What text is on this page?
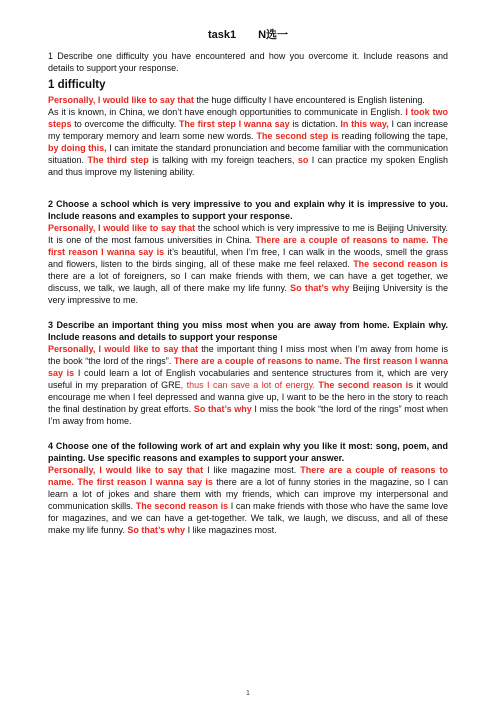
task1 N选一

1 Describe one difficulty you have encountered and how you overcome it. Include reasons and details to support your response.

1 difficulty

Personally, I would like to say that the huge difficulty I have encountered is English listening.

As it is known, in China, we don’t have enough opportunities to communicate in English. I took two steps to overcome the difficulty. The first step I wanna say is dictation. In this way, I can increase my temporary memory and learn some new words. The second step is reading following the tape, by doing this, I can imitate the standard pronunciation and become familiar with the communication situation. The third step is talking with my foreign teachers, so I can practice my spoken English and thus improve my listening ability.

2 Choose a school which is very impressive to you and explain why it is impressive to you. Include reasons and examples to support your response.

Personally, I would like to say that the school which is very impressive to me is Beijing University. It is one of the most famous universities in China. There are a couple of reasons to name. The first reason I wanna say is it’s beautiful, when I’m free, I can walk in the woods, smell the grass and flowers, listen to the birds singing, all of these make me feel relaxed. The second reason is there are a lot of foreigners, so I can make friends with them, we can have a get together, we discuss, we talk, we laugh, all of there make my life funny. So that’s why Beijing University is the very impressive to me.

3 Describe an important thing you miss most when you are away from home. Explain why. Include reasons and details to support your response

Personally, I would like to say that the important thing I miss most when I’m away from home is the book “the lord of the rings”. There are a couple of reasons to name. The first reason I wanna say is I could learn a lot of English vocabularies and sentence structures from it, which are very useful in my preparation of GRE, thus I can save a lot of energy. The second reason is it would encourage me when I feel depressed and wanna give up, I want to be the hero in the story to reach the final destination by great efforts. So that’s why I miss the book “the lord of the rings” most when I’m away from home.

4 Choose one of the following work of art and explain why you like it most: song, poem, and painting. Use specific reasons and examples to support your answer.

Personally, I would like to say that I like magazine most. There are a couple of reasons to name. The first reason I wanna say is there are a lot of funny stories in the magazine, so I can learn a lot of jokes and share them with my friends, which can improve my interpersonal and communication skills. The second reason is I can make friends with those who have the same love for magazines, and we can have a get-together. We talk, we laugh, we discuss, and all of these make my life funny. So that’s why I like magazines most.

1
